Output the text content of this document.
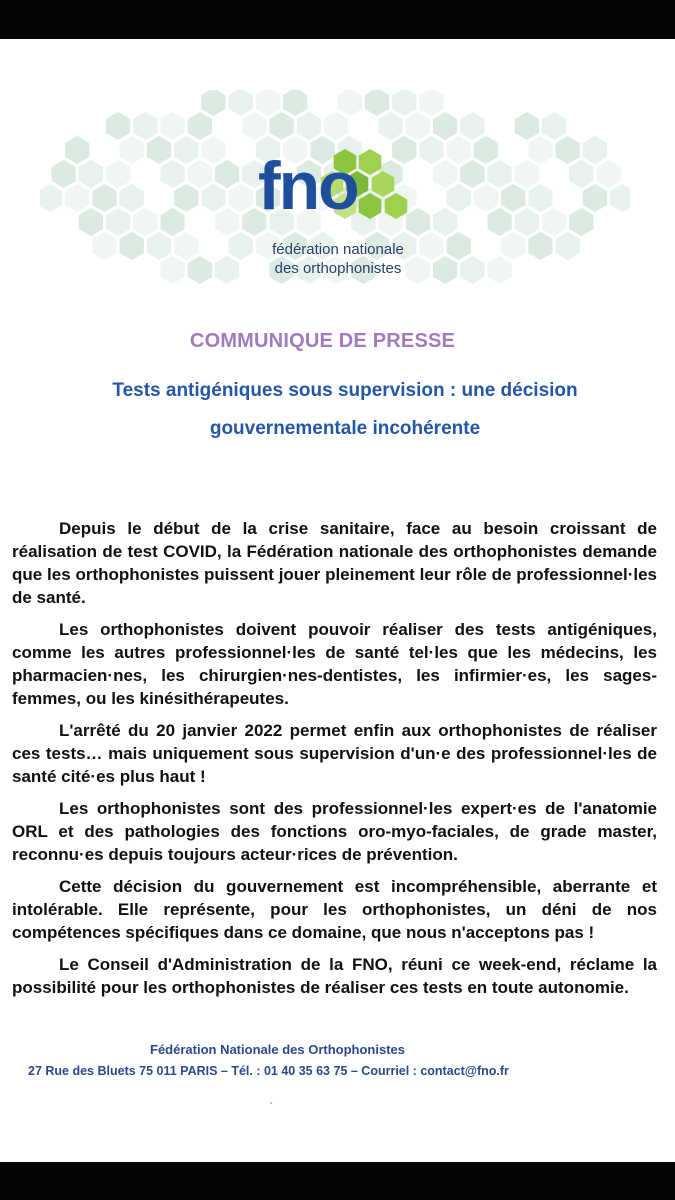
fno
fédération nationale
des orthophonistes
COMMUNIQUE DE PRESSE
Tests antigéniques sous supervision : une décision gouvernementale incohérente

Depuis le début de la crise sanitaire, face au besoin croissant de réalisation de test COVID, la Fédération nationale des orthophonistes demande que les orthophonistes puissent jouer pleinement leur rôle de professionnel·les de santé.

Les orthophonistes doivent pouvoir réaliser des tests antigéniques, comme les autres professionnel·les de santé tel·les que les médecins, les pharmacien·nes, les chirurgien·nes-dentistes, les infirmier·es, les sages-femmes, ou les kinésithérapeutes.

L'arrêté du 20 janvier 2022 permet enfin aux orthophonistes de réaliser ces tests… mais uniquement sous supervision d'un·e des professionnel·les de santé cité·es plus haut !

Les orthophonistes sont des professionnel·les expert·es de l'anatomie ORL et des pathologies des fonctions oro-myo-faciales, de grade master, reconnu·es depuis toujours acteur·rices de prévention.

Cette décision du gouvernement est incompréhensible, aberrante et intolérable. Elle représente, pour les orthophonistes, un déni de nos compétences spécifiques dans ce domaine, que nous n'acceptons pas !

Le Conseil d'Administration de la FNO, réuni ce week-end, réclame la possibilité pour les orthophonistes de réaliser ces tests en toute autonomie.

Fédération Nationale des Orthophonistes
27 Rue des Bluets 75 011 PARIS – Tél. : 01 40 35 63 75 – Courriel : contact@fno.fr
´
